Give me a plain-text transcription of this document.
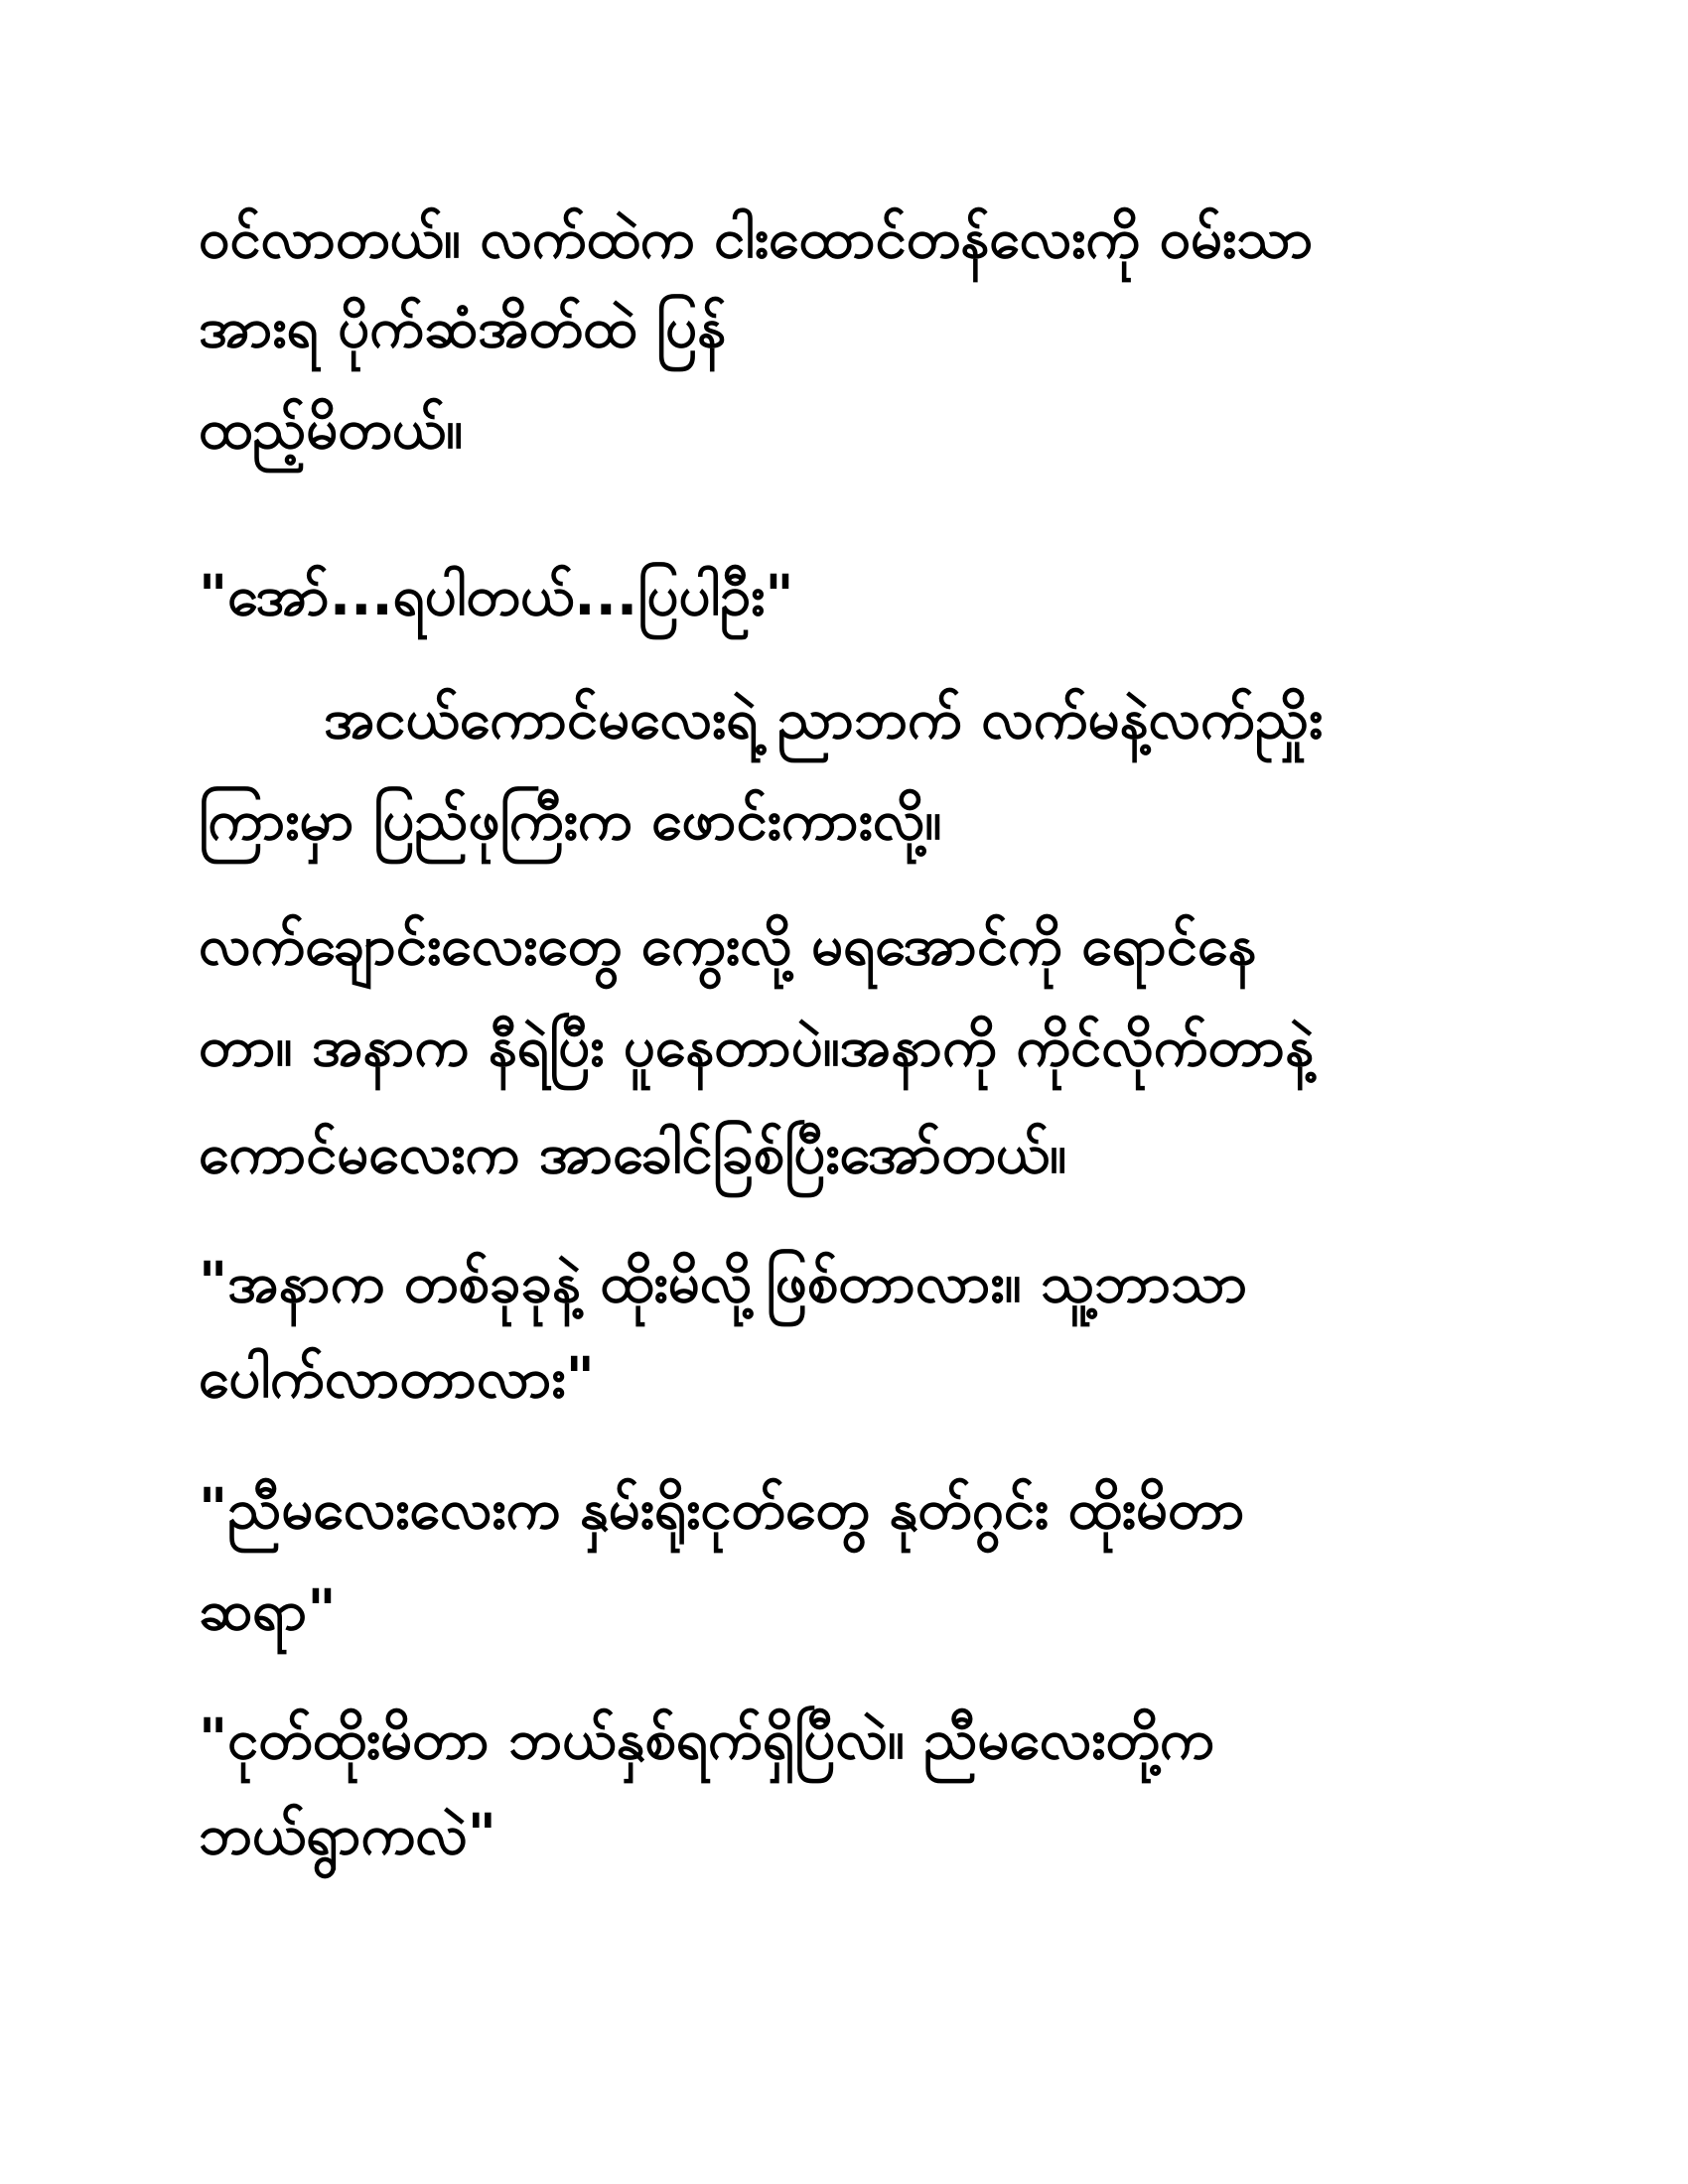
ဝင်လာတယ်။ လက်ထဲက ငါးထောင်တန်လေးကို ဝမ်းသာ
အားရ ပိုက်ဆံအိတ်ထဲ ပြန်
ထည့်မိတယ်။
"အော်...ရပါတယ်...ပြပါဦး"
အငယ်ကောင်မလေးရဲ့ ညာဘက် လက်မနဲ့လက်ညှိုး
ကြားမှာ ပြည်ဖုကြီးက ဖောင်းကားလို့။
လက်ချောင်းလေးတွေ ကွေးလို့ မရအောင်ကို ရောင်နေ
တာ။ အနာက နီရဲပြီး ပူနေတာပဲ။အနာကို ကိုင်လိုက်တာနဲ့
ကောင်မလေးက အာခေါင်ခြစ်ပြီးအော်တယ်။
"အနာက တစ်ခုခုနဲ့ ထိုးမိလို့ဖြစ်တာလား။ သူ့ဘာသာ
ပေါက်လာတာလား"
"ညီမလေးလေးက နှမ်းရိုးငုတ်တွေ နုတ်ဂွင်း ထိုးမိတာ
ဆရာ"
"ငုတ်ထိုးမိတာ ဘယ်နှစ်ရက်ရှိပြီလဲ။ ညီမလေးတို့က
ဘယ်ရွာကလဲ"
